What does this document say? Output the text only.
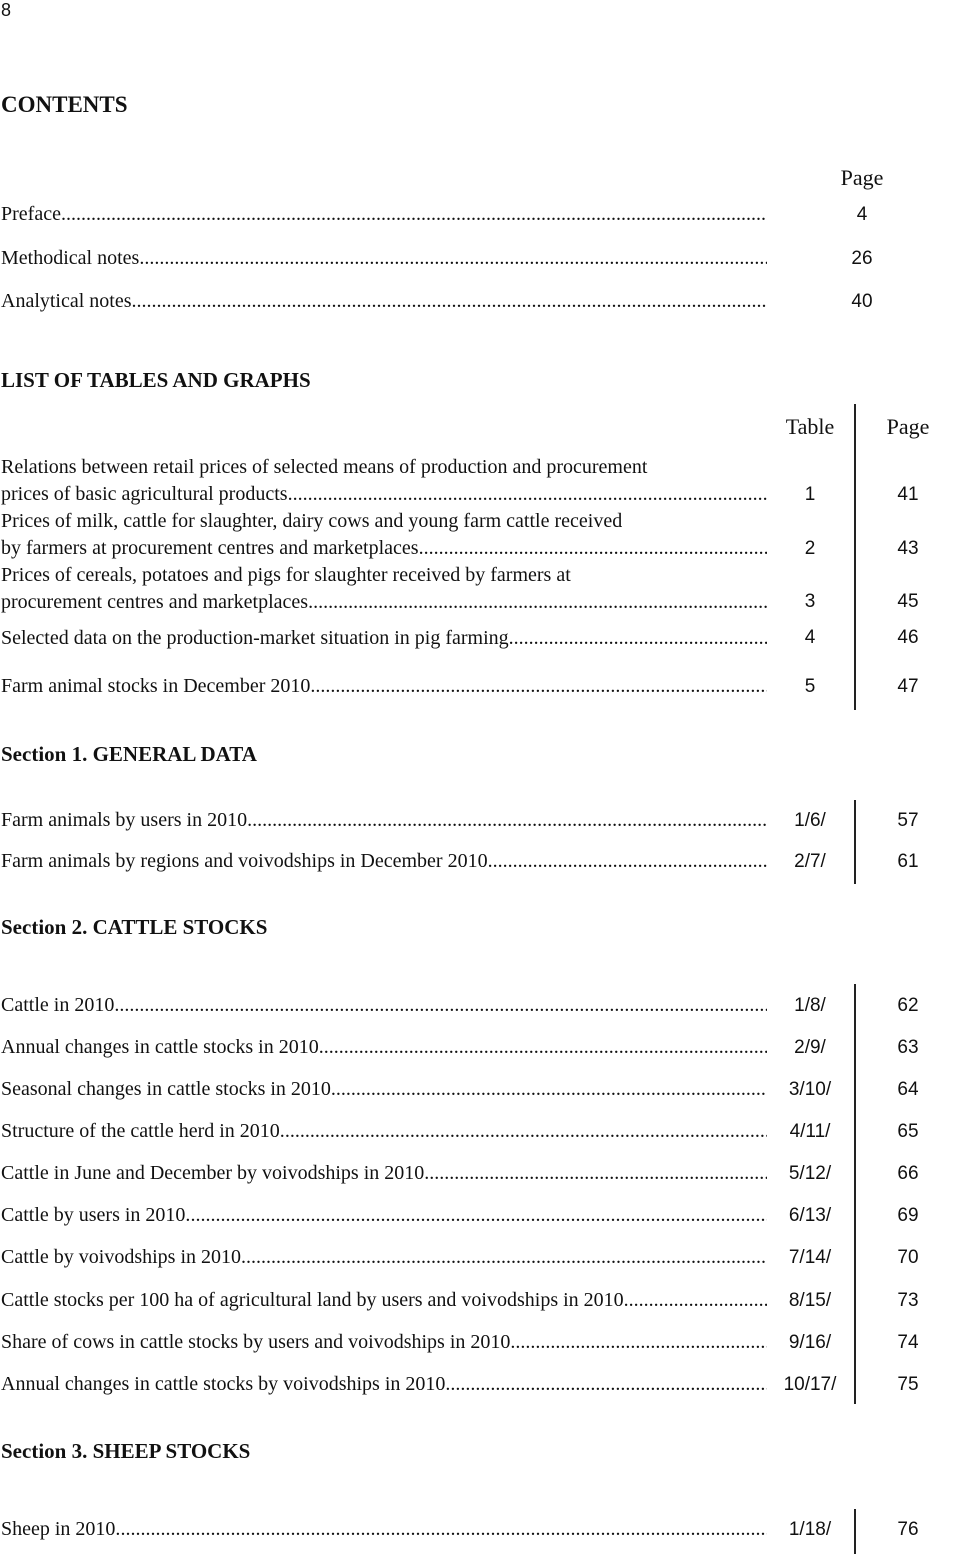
8
CONTENTS
Page
Preface .....	4
Methodical notes .....	26
Analytical notes .....	40
LIST OF TABLES AND GRAPHS
Table	Page
Relations between retail prices of selected means of production and procurement
prices of basic agricultural products .....	1	41
Prices of milk, cattle for slaughter, dairy cows and young farm cattle received
by farmers at procurement centres and marketplaces .....	2	43
Prices of cereals, potatoes and pigs for slaughter received by farmers at
procurement centres and marketplaces .....	3	45
Selected data on the production-market situation in pig farming .....	4	46
Farm animal stocks in December 2010 .....	5	47
Section 1. GENERAL DATA
Farm animals by users in 2010. .....	1/6/	57
Farm animals by regions and voivodships in December 2010 .....	2/7/	61
Section 2. CATTLE STOCKS
Cattle in 2010. .....	1/8/	62
Annual changes in cattle stocks in 2010 .....	2/9/	63
Seasonal changes in cattle stocks in 2010. .....	3/10/	64
Structure of the cattle herd in 2010. .....	4/11/	65
Cattle in June and December by voivodships in 2010. .....	5/12/	66
Cattle by users in 2010. .....	6/13/	69
Cattle by voivodships in 2010. .....	7/14/	70
Cattle stocks per 100 ha of agricultural land by users and voivodships in 2010. .....	8/15/	73
Share of cows in cattle stocks by users and voivodships in 2010. .....	9/16/	74
Annual changes in cattle stocks by voivodships in 2010. .....	10/17/	75
Section 3. SHEEP STOCKS
Sheep in 2010. .....	1/18/	76
